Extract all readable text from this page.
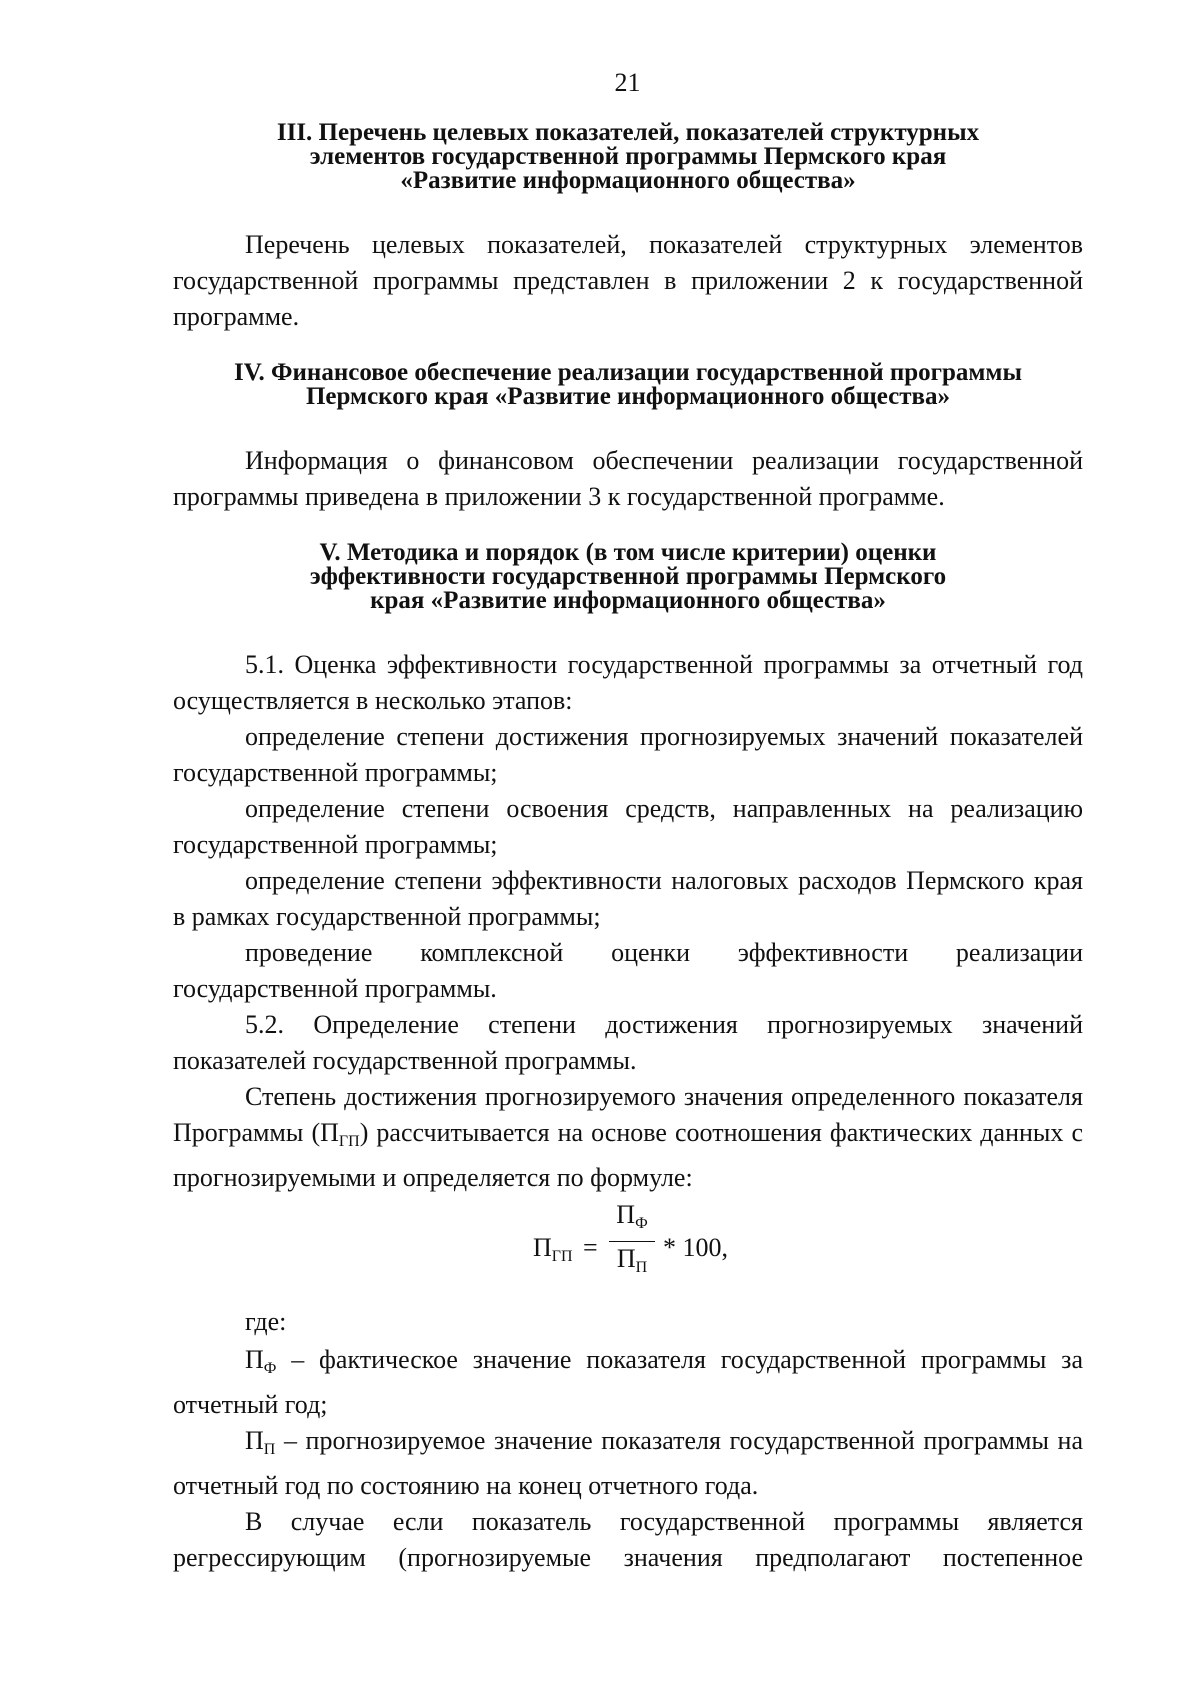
21
III. Перечень целевых показателей, показателей структурных
элементов государственной программы Пермского края
«Развитие информационного общества»

Перечень целевых показателей, показателей структурных элементов государственной программы представлен в приложении 2 к государственной программе.

IV. Финансовое обеспечение реализации государственной программы
Пермского края «Развитие информационного общества»

Информация о финансовом обеспечении реализации государственной программы приведена в приложении 3 к государственной программе.

V. Методика и порядок (в том числе критерии) оценки
эффективности государственной программы Пермского
края «Развитие информационного общества»

5.1. Оценка эффективности государственной программы за отчетный год осуществляется в несколько этапов:

определение степени достижения прогнозируемых значений показателей государственной программы;

определение степени освоения средств, направленных на реализацию государственной программы;

определение степени эффективности налоговых расходов Пермского края в рамках государственной программы;

проведение комплексной оценки эффективности реализации государственной программы.

5.2. Определение степени достижения прогнозируемых значений показателей государственной программы.

Степень достижения прогнозируемого значения определенного показателя Программы $(П_{ГП})$ рассчитывается на основе соотношения фактических данных с прогнозируемыми и определяется по формуле:

$П_{ГП}$ =
$П_Ф$
$П_П$
* 100,
где:

$П_Ф$ – фактическое значение показателя государственной программы за отчетный год;

$П_П$ – прогнозируемое значение показателя государственной программы на отчетный год по состоянию на конец отчетного года.

В случае если показатель государственной программы является регрессирующим (прогнозируемые значения предполагают постепенное
